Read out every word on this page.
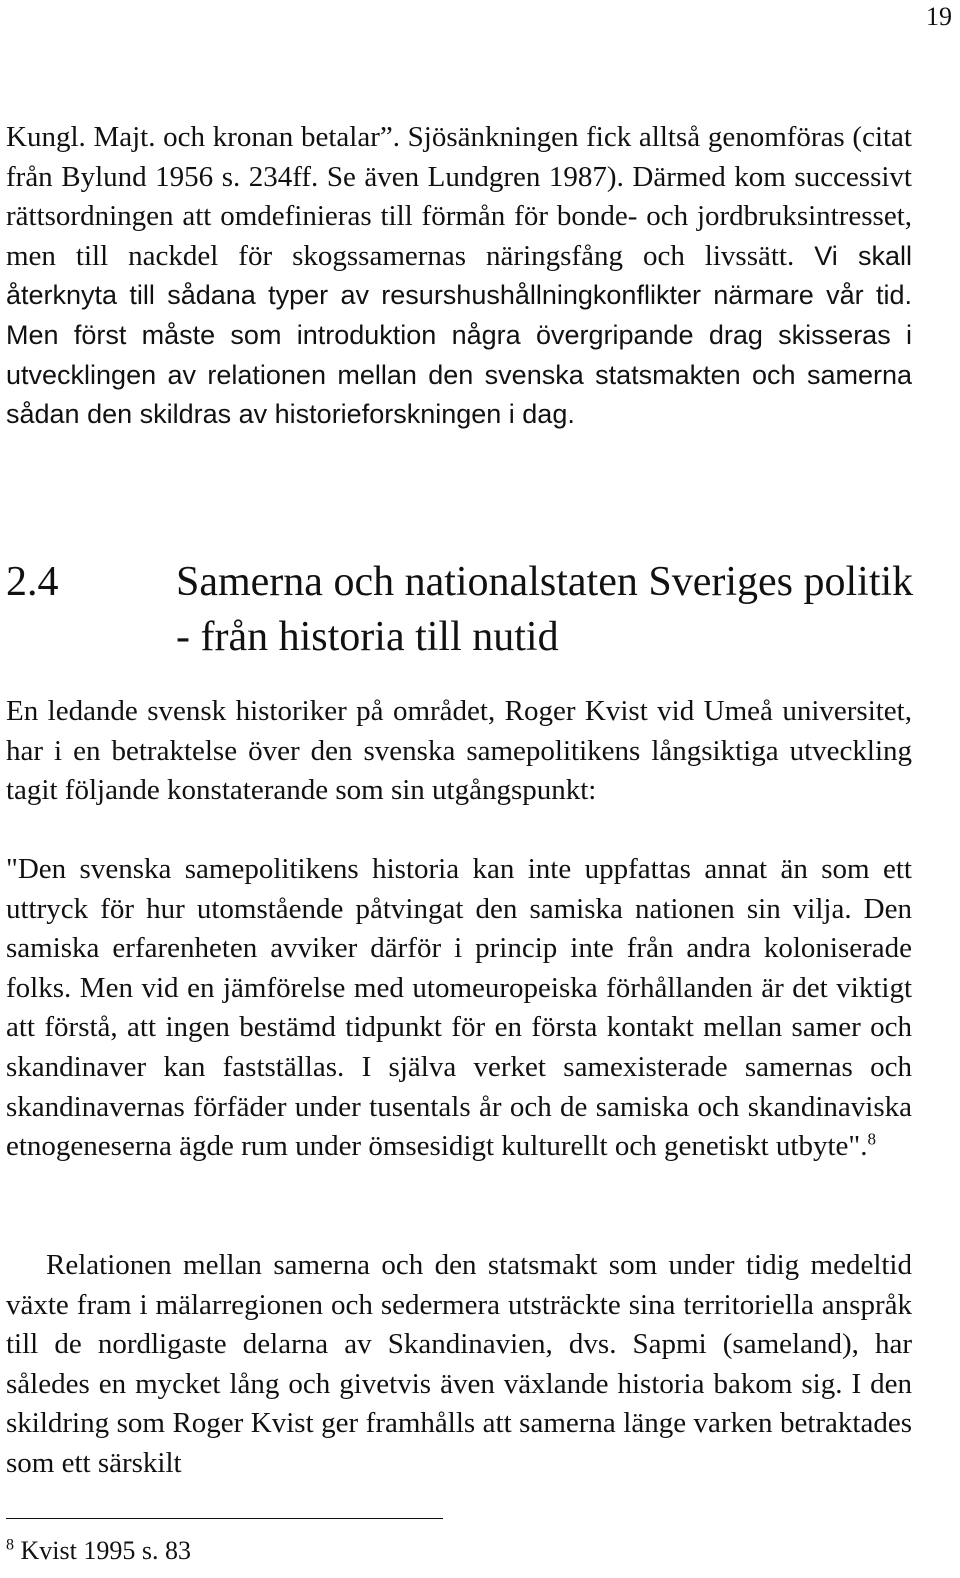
19

Kungl. Majt. och kronan betalar”. Sjösänkningen fick alltså genomföras (citat från Bylund 1956 s. 234ff. Se även Lundgren 1987). Därmed kom successivt rättsordningen att omdefinieras till förmån för bonde- och jordbruksintresset, men till nackdel för skogssamernas näringsfång och livssätt. Vi skall återknyta till sådana typer av resurshushållningkonflikter närmare vår tid. Men först måste som introduktion några övergripande drag skisseras i utvecklingen av relationen mellan den svenska statsmakten och samerna sådan den skildras av historieforskningen i dag.

2.4	Samerna och nationalstaten Sveriges politik - från historia till nutid

En ledande svensk historiker på området, Roger Kvist vid Umeå universitet, har i en betraktelse över den svenska samepolitikens långsiktiga utveckling tagit följande konstaterande som sin utgångspunkt:

"Den svenska samepolitikens historia kan inte uppfattas annat än som ett uttryck för hur utomstående påtvingat den samiska nationen sin vilja. Den samiska erfarenheten avviker därför i princip inte från andra koloniserade folks. Men vid en jämförelse med utomeuropeiska förhållanden är det viktigt att förstå, att ingen bestämd tidpunkt för en första kontakt mellan samer och skandinaver kan fastställas. I själva verket samexisterade samernas och skandinavernas förfäder under tusentals år och de samiska och skandinaviska etnogeneserna ägde rum under ömsesidigt kulturellt och genetiskt utbyte".$^8$

Relationen mellan samerna och den statsmakt som under tidig medeltid växte fram i mälarregionen och sedermera utsträckte sina territoriella anspråk till de nordligaste delarna av Skandinavien, dvs. Sapmi (sameland), har således en mycket lång och givetvis även växlande historia bakom sig. I den skildring som Roger Kvist ger framhålls att samerna länge varken betraktades som ett särskilt

$^8$ Kvist 1995 s. 83
